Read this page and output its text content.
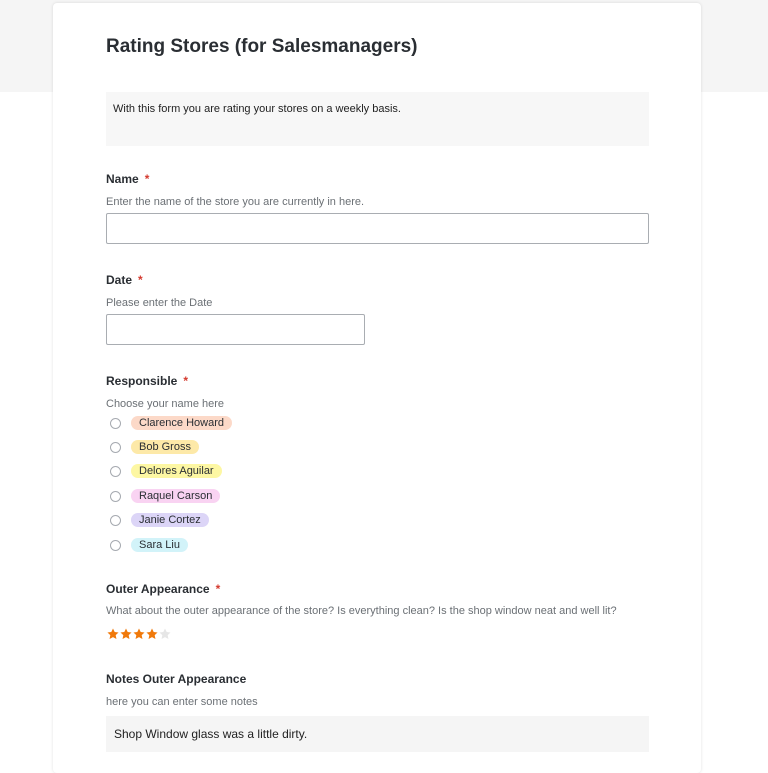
Rating Stores (for Salesmanagers)
With this form you are rating your stores on a weekly basis.
Name *
Enter the name of the store you are currently in here.
Date *
Please enter the Date
Responsible *
Choose your name here
Clarence Howard
Bob Gross
Delores Aguilar
Raquel Carson
Janie Cortez
Sara Liu
Outer Appearance *
What about the outer appearance of the store? Is everything clean? Is the shop window neat and well lit?
Notes Outer Appearance
here you can enter some notes
Shop Window glass was a little dirty.
